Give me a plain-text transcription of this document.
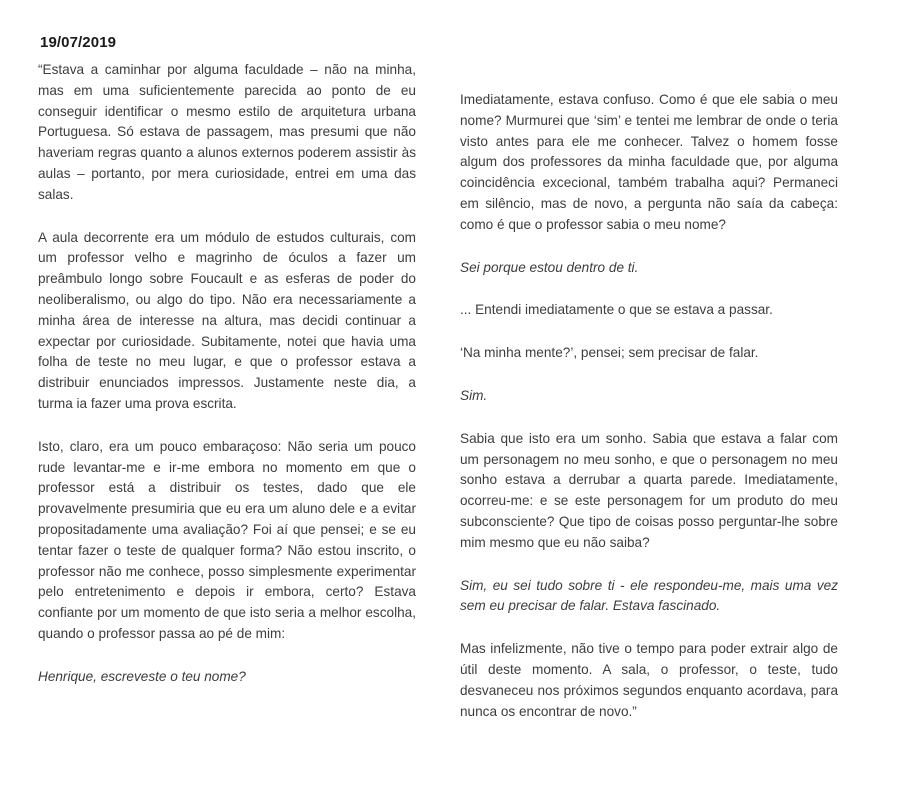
19/07/2019

“Estava a caminhar por alguma faculdade – não na minha, mas em uma suficientemente parecida ao ponto de eu conseguir identificar o mesmo estilo de arquitetura urbana Portuguesa. Só estava de passagem, mas presumi que não haveriam regras quanto a alunos externos poderem assistir às aulas – portanto, por mera curiosidade, entrei em uma das salas.

A aula decorrente era um módulo de estudos culturais, com um professor velho e magrinho de óculos a fazer um preâmbulo longo sobre Foucault e as esferas de poder do neoliberalismo, ou algo do tipo. Não era necessariamente a minha área de interesse na altura, mas decidi continuar a expectar por curiosidade. Subitamente, notei que havia uma folha de teste no meu lugar, e que o professor estava a distribuir enunciados impressos. Justamente neste dia, a turma ia fazer uma prova escrita.

Isto, claro, era um pouco embaraçoso: Não seria um pouco rude levantar-me e ir-me embora no momento em que o professor está a distribuir os testes, dado que ele provavelmente presumiria que eu era um aluno dele e a evitar propositadamente uma avaliação? Foi aí que pensei; e se eu tentar fazer o teste de qualquer forma? Não estou inscrito, o professor não me conhece, posso simplesmente experimentar pelo entretenimento e depois ir embora, certo? Estava confiante por um momento de que isto seria a melhor escolha, quando o professor passa ao pé de mim:

Henrique, escreveste o teu nome?

Imediatamente, estava confuso. Como é que ele sabia o meu nome? Murmurei que ‘sim’ e tentei me lembrar de onde o teria visto antes para ele me conhecer. Talvez o homem fosse algum dos professores da minha faculdade que, por alguma coincidência excecional, também trabalha aqui? Permaneci em silêncio, mas de novo, a pergunta não saía da cabeça: como é que o professor sabia o meu nome?

Sei porque estou dentro de ti.

... Entendi imediatamente o que se estava a passar.

‘Na minha mente?’, pensei; sem precisar de falar.

Sim.

Sabia que isto era um sonho. Sabia que estava a falar com um personagem no meu sonho, e que o personagem no meu sonho estava a derrubar a quarta parede. Imediatamente, ocorreu-me: e se este personagem for um produto do meu subconsciente? Que tipo de coisas posso perguntar-lhe sobre mim mesmo que eu não saiba?

Sim, eu sei tudo sobre ti - ele respondeu-me, mais uma vez sem eu precisar de falar. Estava fascinado.

Mas infelizmente, não tive o tempo para poder extrair algo de útil deste momento. A sala, o professor, o teste, tudo desvaneceu nos próximos segundos enquanto acordava, para nunca os encontrar de novo.”
